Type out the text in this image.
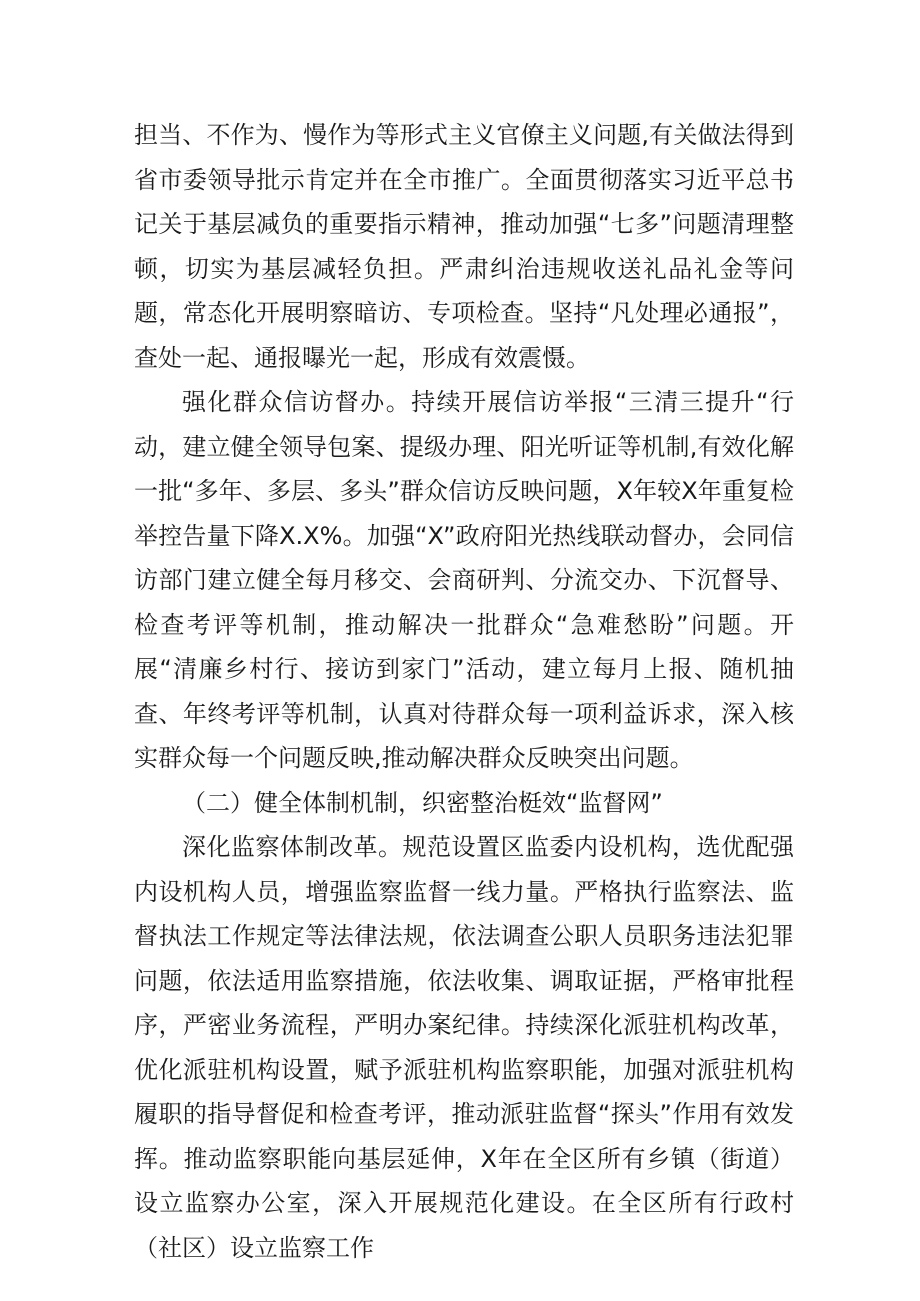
担当、不作为、慢作为等形式主义官僚主义问题,有关做法得到省市委领导批示肯定并在全市推广。全面贯彻落实习近平总书记关于基层减负的重要指示精神，推动加强“七多”问题清理整顿，切实为基层减轻负担。严肃纠治违规收送礼品礼金等问题，常态化开展明察暗访、专项检查。坚持“凡处理必通报”，查处一起、通报曝光一起，形成有效震慑。

强化群众信访督办。持续开展信访举报“三清三提升“行动，建立健全领导包案、提级办理、阳光听证等机制,有效化解一批“多年、多层、多头”群众信访反映问题，X年较X年重复检举控告量下降X.X%。加强“X”政府阳光热线联动督办，会同信访部门建立健全每月移交、会商研判、分流交办、下沉督导、检查考评等机制，推动解决一批群众“急难愁盼”问题。开展“清廉乡村行、接访到家门”活动，建立每月上报、随机抽查、年终考评等机制，认真对待群众每一项利益诉求，深入核实群众每一个问题反映,推动解决群众反映突出问题。

（二）健全体制机制，织密整治梃效“监督网”

深化监察体制改革。规范设置区监委内设机构，选优配强内设机构人员，增强监察监督一线力量。严格执行监察法、监督执法工作规定等法律法规，依法调查公职人员职务违法犯罪问题，依法适用监察措施，依法收集、调取证据，严格审批程序，严密业务流程，严明办案纪律。持续深化派驻机构改革，优化派驻机构设置，赋予派驻机构监察职能，加强对派驻机构履职的指导督促和检查考评，推动派驻监督“探头”作用有效发挥。推动监察职能向基层延伸，X年在全区所有乡镇（街道）设立监察办公室，深入开展规范化建设。在全区所有行政村（社区）设立监察工作
